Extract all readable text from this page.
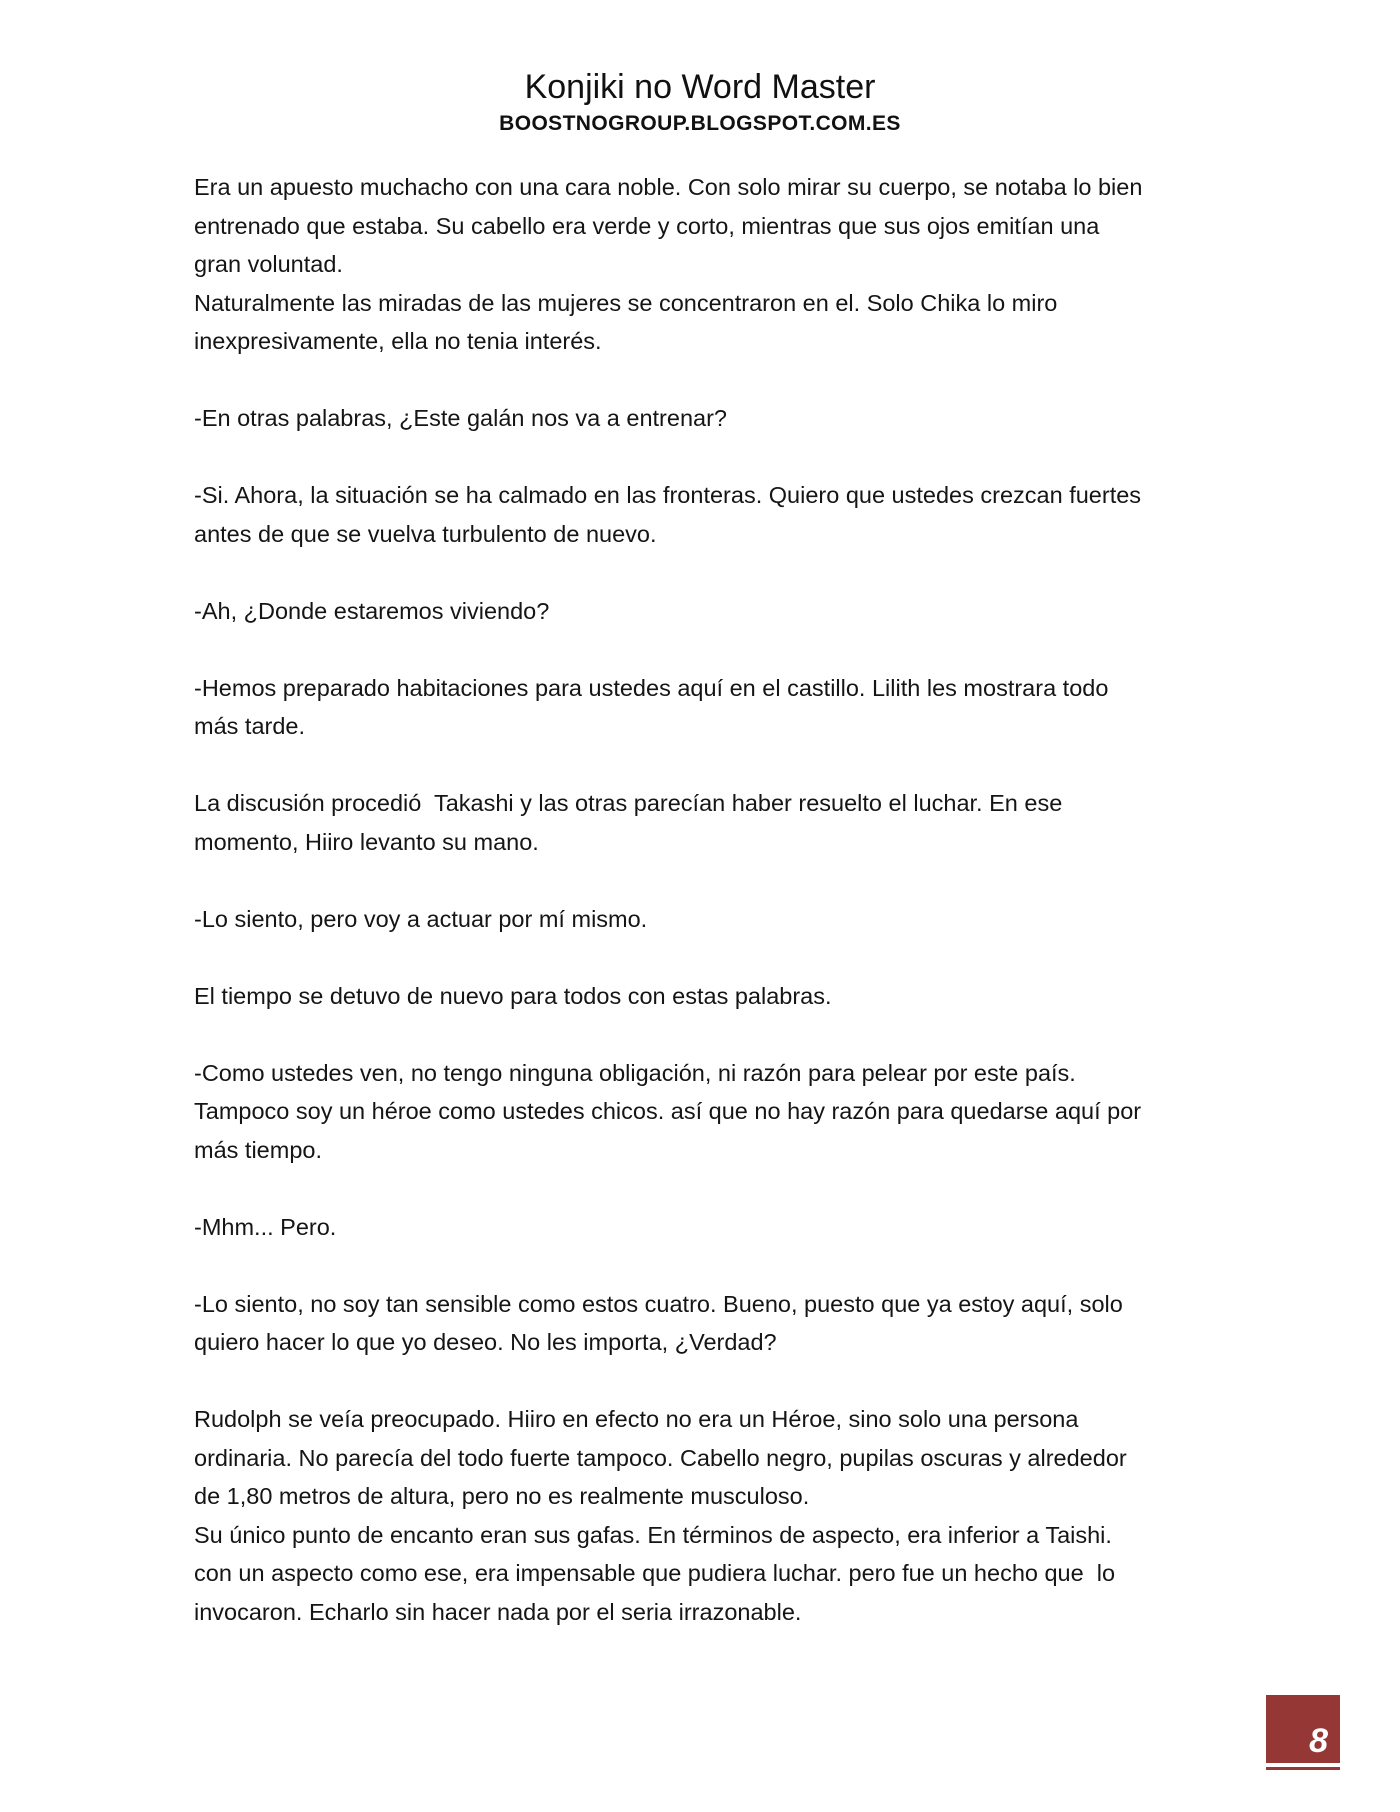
Konjiki no Word Master
BOOSTNOGROUP.BLOGSPOT.COM.ES
Era un apuesto muchacho con una cara noble. Con solo mirar su cuerpo, se notaba lo bien
entrenado que estaba. Su cabello era verde y corto, mientras que sus ojos emitían una
gran voluntad.
Naturalmente las miradas de las mujeres se concentraron en el. Solo Chika lo miro
inexpresivamente, ella no tenia interés.
-En otras palabras, ¿Este galán nos va a entrenar?
-Si. Ahora, la situación se ha calmado en las fronteras. Quiero que ustedes crezcan fuertes
antes de que se vuelva turbulento de nuevo.
-Ah, ¿Donde estaremos viviendo?
-Hemos preparado habitaciones para ustedes aquí en el castillo. Lilith les mostrara todo
más tarde.
La discusión procedió  Takashi y las otras parecían haber resuelto el luchar. En ese
momento, Hiiro levanto su mano.
-Lo siento, pero voy a actuar por mí mismo.
El tiempo se detuvo de nuevo para todos con estas palabras.
-Como ustedes ven, no tengo ninguna obligación, ni razón para pelear por este país.
Tampoco soy un héroe como ustedes chicos. así que no hay razón para quedarse aquí por
más tiempo.
-Mhm... Pero.
-Lo siento, no soy tan sensible como estos cuatro. Bueno, puesto que ya estoy aquí, solo
quiero hacer lo que yo deseo. No les importa, ¿Verdad?
Rudolph se veía preocupado. Hiiro en efecto no era un Héroe, sino solo una persona
ordinaria. No parecía del todo fuerte tampoco. Cabello negro, pupilas oscuras y alrededor
de 1,80 metros de altura, pero no es realmente musculoso.
Su único punto de encanto eran sus gafas. En términos de aspecto, era inferior a Taishi.
con un aspecto como ese, era impensable que pudiera luchar. pero fue un hecho que  lo
invocaron. Echarlo sin hacer nada por el seria irrazonable.
8
